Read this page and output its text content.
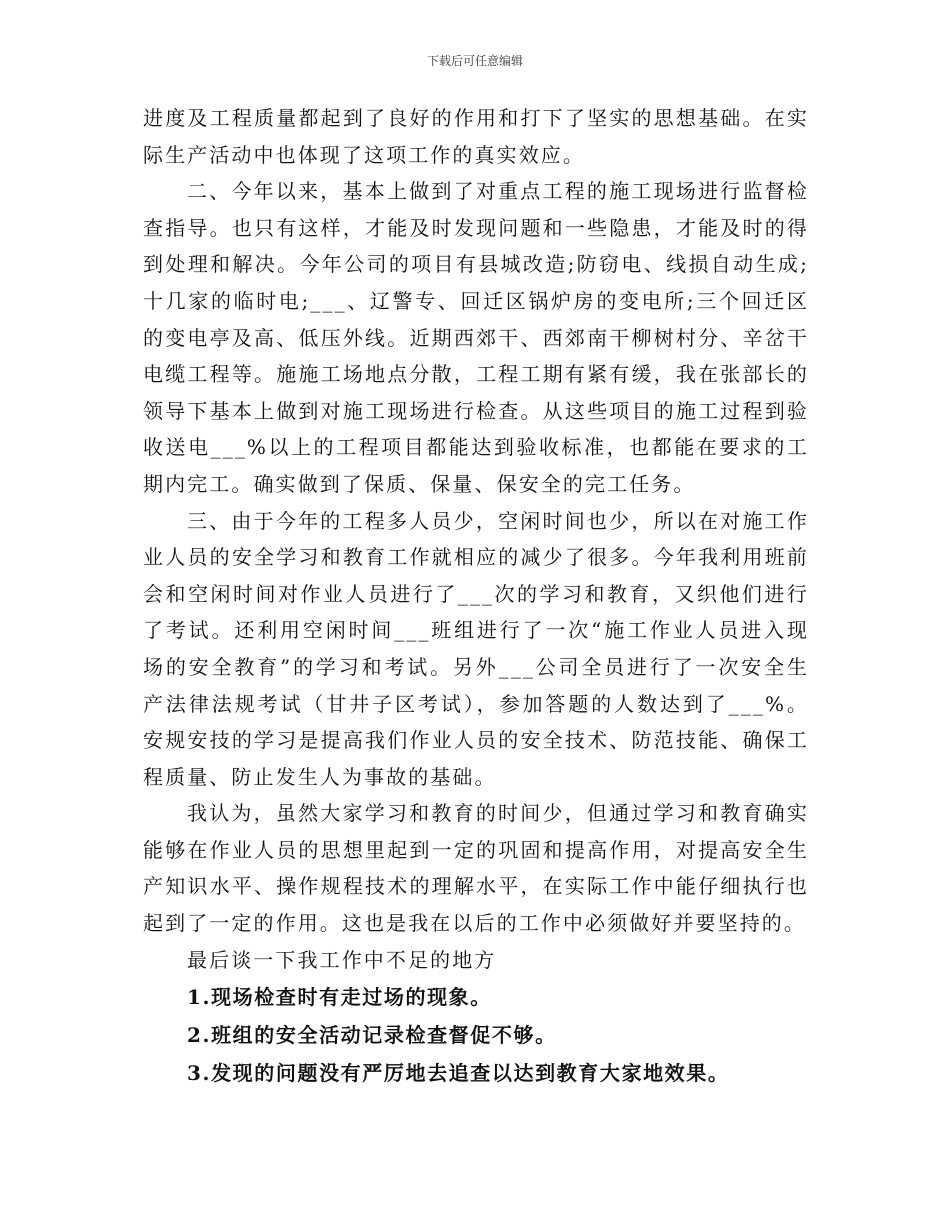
下载后可任意编辑

进度及工程质量都起到了良好的作用和打下了坚实的思想基础。在实际生产活动中也体现了这项工作的真实效应。

二、今年以来，基本上做到了对重点工程的施工现场进行监督检查指导。也只有这样，才能及时发现问题和一些隐患，才能及时的得到处理和解决。今年公司的项目有县城改造;防窃电、线损自动生成;十几家的临时电;___、辽警专、回迁区锅炉房的变电所;三个回迁区的变电亭及高、低压外线。近期西郊干、西郊南干柳树村分、辛岔干电缆工程等。施施工场地点分散，工程工期有紧有缓，我在张部长的领导下基本上做到对施工现场进行检查。从这些项目的施工过程到验收送电___%以上的工程项目都能达到验收标准，也都能在要求的工期内完工。确实做到了保质、保量、保安全的完工任务。

三、由于今年的工程多人员少，空闲时间也少，所以在对施工作业人员的安全学习和教育工作就相应的减少了很多。今年我利用班前会和空闲时间对作业人员进行了___次的学习和教育，又织他们进行了考试。还利用空闲时间___班组进行了一次“施工作业人员进入现场的安全教育”的学习和考试。另外___公司全员进行了一次安全生产法律法规考试（甘井子区考试），参加答题的人数达到了___%。安规安技的学习是提高我们作业人员的安全技术、防范技能、确保工程质量、防止发生人为事故的基础。

我认为，虽然大家学习和教育的时间少，但通过学习和教育确实能够在作业人员的思想里起到一定的巩固和提高作用，对提高安全生产知识水平、操作规程技术的理解水平，在实际工作中能仔细执行也起到了一定的作用。这也是我在以后的工作中必须做好并要坚持的。

最后谈一下我工作中不足的地方

1.现场检查时有走过场的现象。

2.班组的安全活动记录检查督促不够。

3.发现的问题没有严厉地去追查以达到教育大家地效果。
